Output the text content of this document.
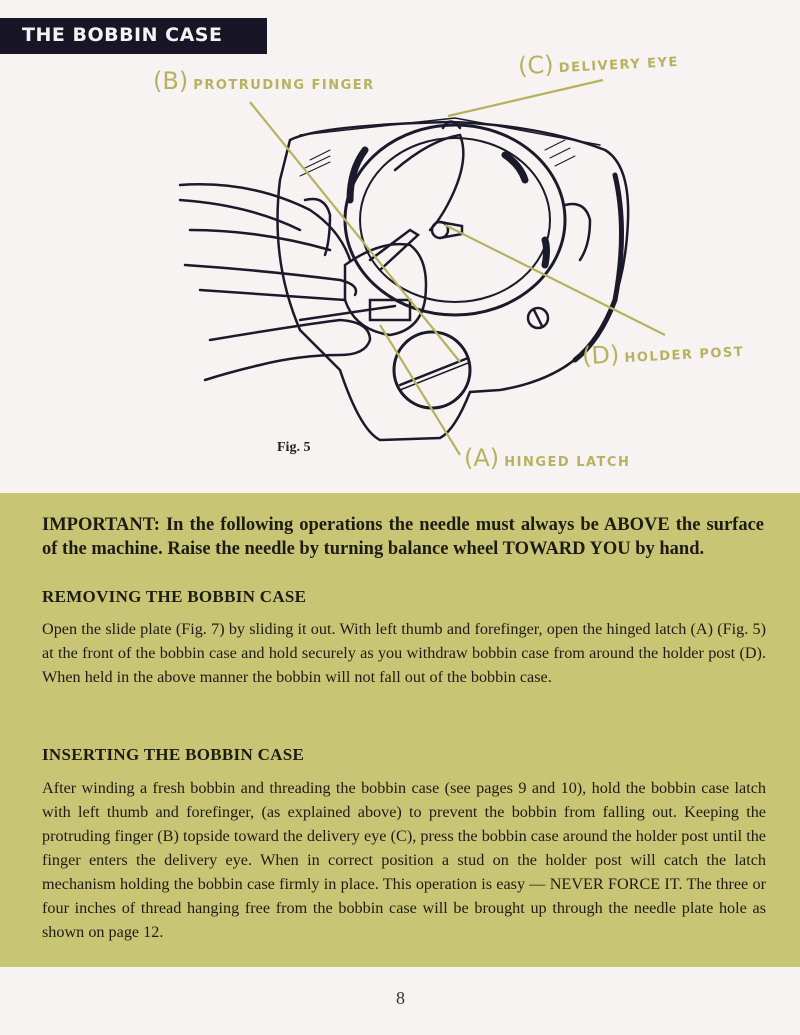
THE BOBBIN CASE
(B) PROTRUDING FINGER
(C) DELIVERY EYE
(D) HOLDER POST
(A) HINGED LATCH
Fig. 5
IMPORTANT: In the following operations the needle must always be ABOVE the surface of the machine. Raise the needle by turning balance wheel TOWARD YOU by hand.
REMOVING THE BOBBIN CASE
Open the slide plate (Fig. 7) by sliding it out. With left thumb and forefinger, open the hinged latch (A) (Fig. 5) at the front of the bobbin case and hold securely as you withdraw bobbin case from around the holder post (D). When held in the above manner the bobbin will not fall out of the bobbin case.
INSERTING THE BOBBIN CASE
After winding a fresh bobbin and threading the bobbin case (see pages 9 and 10), hold the bobbin case latch with left thumb and forefinger, (as explained above) to prevent the bobbin from falling out. Keeping the protruding finger (B) topside toward the delivery eye (C), press the bobbin case around the holder post until the finger enters the delivery eye. When in correct position a stud on the holder post will catch the latch mechanism holding the bobbin case firmly in place. This operation is easy — NEVER FORCE IT. The three or four inches of thread hanging free from the bobbin case will be brought up through the needle plate hole as shown on page 12.
8
